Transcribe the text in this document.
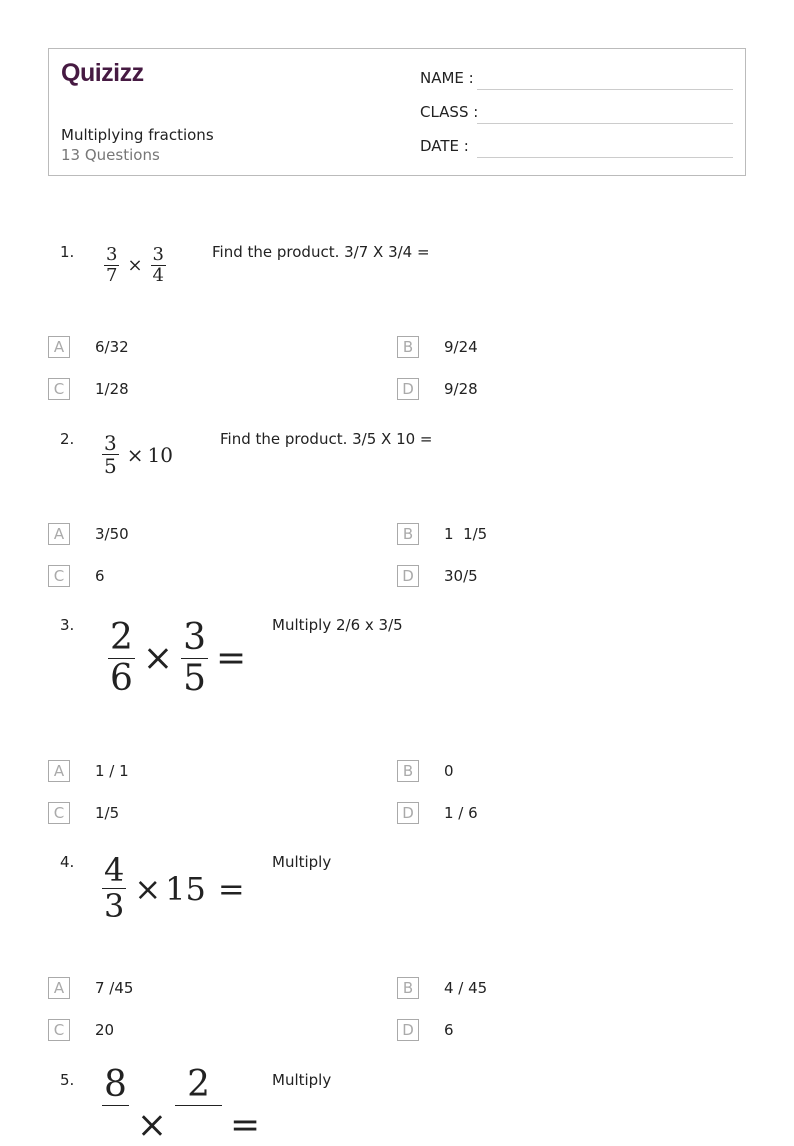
Quizizz
Multiplying fractions
13 Questions
NAME :
CLASS :
DATE :
1. $\frac{3}{7} \times \frac{3}{4}$	Find the product. 3/7 X 3/4 =
A	6/32	B	9/24
C	1/28	D	9/28
2. $\frac{3}{5} \times 10$
Find the product. 3/5 X 10 =
A	3/50	B	1  1/5
C	6	D	30/5
3. $\frac{2}{6} \times \frac{3}{5}$ =
Multiply 2/6 x 3/5
A	1 / 1	B	0
C	1/5	D	1 / 6
4. $\frac{4}{3} \times 15$ =
Multiply
A	7 /45	B	4 / 45
C	20	D	6
5. 8

×
2

=
Multiply
